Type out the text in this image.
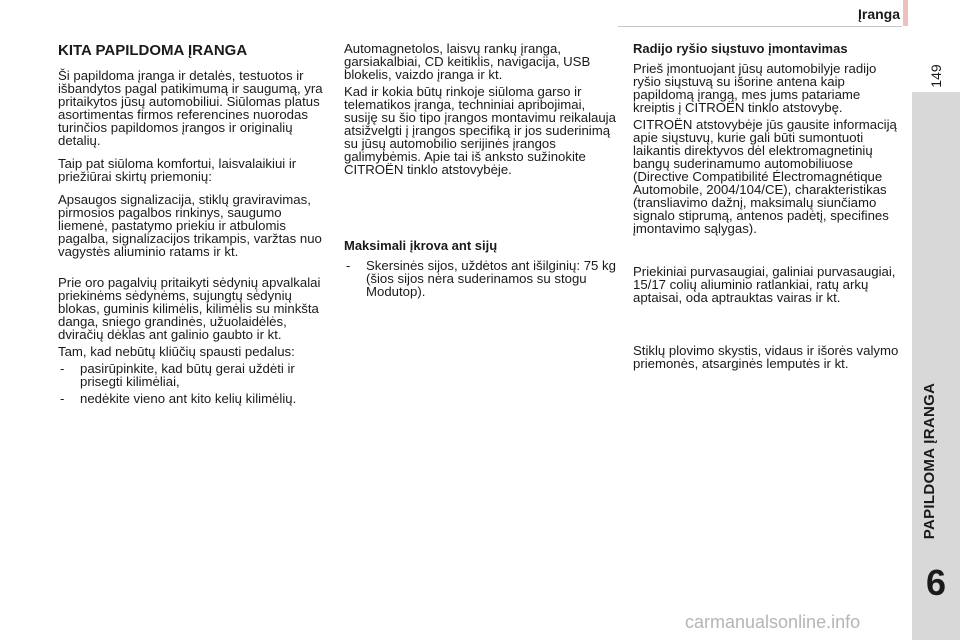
Įranga
149
PAPILDOMA ĮRANGA
6
KITA PAPILDOMA ĮRANGA

Ši papildoma įranga ir detalės, testuotos ir išbandytos pagal patikimumą ir saugumą, yra pritaikytos jūsų automobiliui. Siūlomas platus asortimentas firmos referencines nuorodas turinčios papildomos įrangos ir originalių detalių.

Taip pat siūloma komfortui, laisvalaikiui ir priežiūrai skirtų priemonių:

Apsaugos signalizacija, stiklų graviravimas, pirmosios pagalbos rinkinys, saugumo liemenė, pastatymo priekiu ir atbulomis pagalba, signalizacijos trikampis, varžtas nuo vagystės aliuminio ratams ir kt.

Prie oro pagalvių pritaikyti sėdynių apvalkalai priekinėms sėdynėms, sujungtų sėdynių blokas, guminis kilimėlis, kilimėlis su minkšta danga, sniego grandinės, užuolaidėlės, dviračių dėklas ant galinio gaubto ir kt.

Tam, kad nebūtų kliūčių spausti pedalus:

- pasirūpinkite, kad būtų gerai uždėti ir prisegti kilimėliai,
- nedėkite vieno ant kito kelių kilimėlių.

Automagnetolos, laisvų rankų įranga, garsiakalbiai, CD keitiklis, navigacija, USB blokelis, vaizdo įranga ir kt.

Kad ir kokia būtų rinkoje siūloma garso ir telematikos įranga, techniniai apribojimai, susiję su šio tipo įrangos montavimu reikalauja atsižvelgti į įrangos specifiką ir jos suderinimą su jūsų automobilio serijinės įrangos galimybėmis. Apie tai iš anksto sužinokite CITROËN tinklo atstovybėje.

Maksimali įkrova ant sijų
- Skersinės sijos, uždėtos ant išilginių: 75 kg (šios sijos nėra suderinamos su stogu Modutop).
Radijo ryšio siųstuvo įmontavimas

Prieš įmontuojant jūsų automobilyje radijo ryšio siųstuvą su išorine antena kaip papildomą įrangą, mes jums patariame kreiptis į CITROËN tinklo atstovybę.

CITROËN atstovybėje jūs gausite informaciją apie siųstuvų, kurie gali būti sumontuoti laikantis direktyvos dėl elektromagnetinių bangų suderinamumo automobiliuose (Directive Compatibilité Électromagnétique Automobile, 2004/104/CE), charakteristikas (transliavimo dažnį, maksimalų siunčiamo signalo stiprumą, antenos padėtį, specifines įmontavimo sąlygas).

Priekiniai purvasaugiai, galiniai purvasaugiai, 15/17 colių aliuminio ratlankiai, ratų arkų aptaisai, oda aptrauktas vairas ir kt.

Stiklų plovimo skystis, vidaus ir išorės valymo priemonės, atsarginės lemputės ir kt.

carmanualsonline.info
